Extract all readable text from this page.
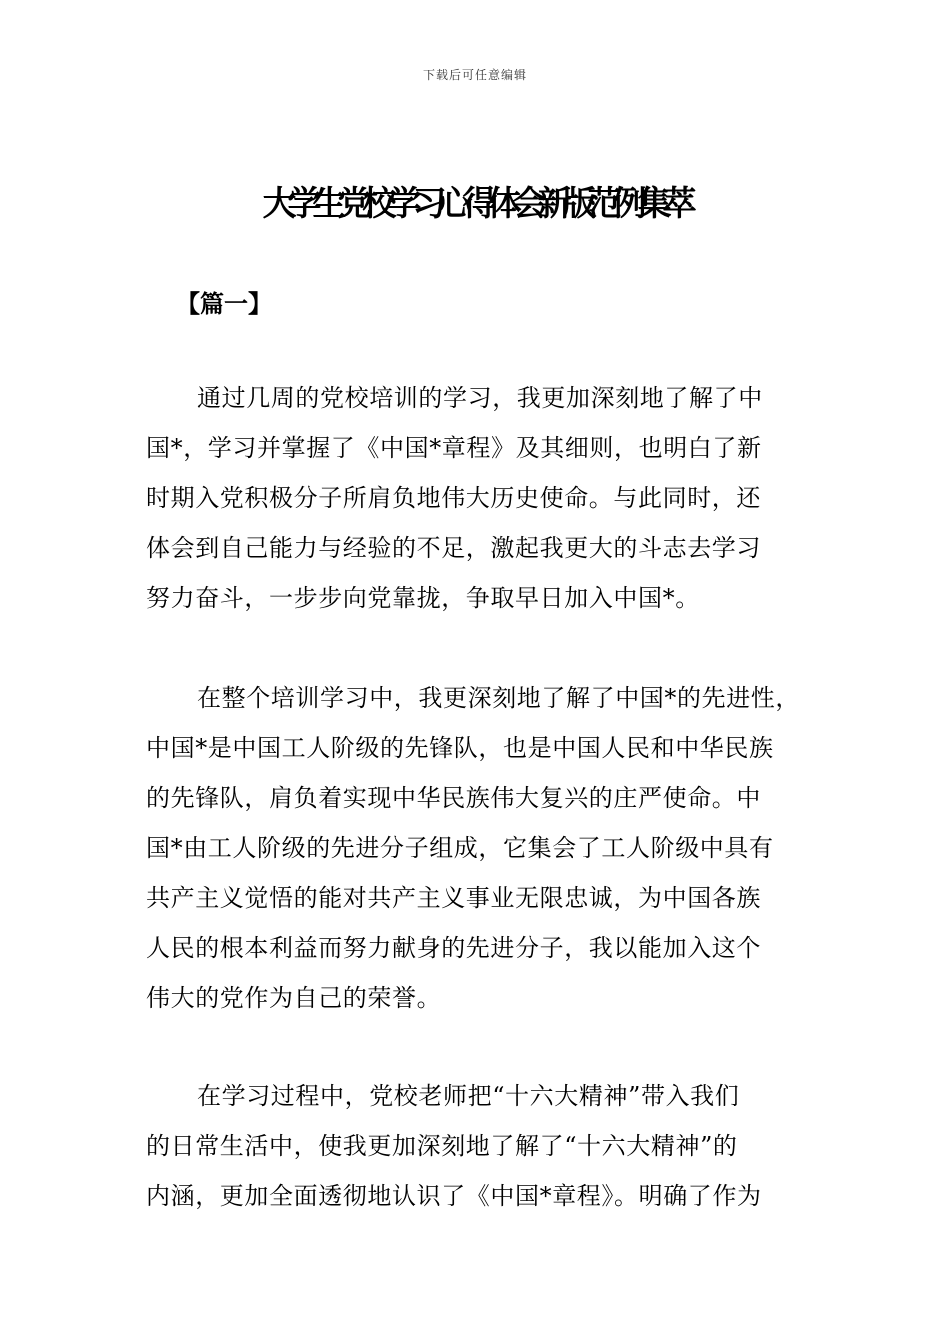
下载后可任意编辑
大学生党校学习心得体会新版范例集萃
【篇一】
通过几周的党校培训的学习，我更加深刻地了解了中
国*，学习并掌握了《中国*章程》及其细则，也明白了新
时期入党积极分子所肩负地伟大历史使命。与此同时，还
体会到自己能力与经验的不足，激起我更大的斗志去学习
努力奋斗，一步步向党靠拢，争取早日加入中国*。
在整个培训学习中，我更深刻地了解了中国*的先进性，
中国*是中国工人阶级的先锋队，也是中国人民和中华民族
的先锋队，肩负着实现中华民族伟大复兴的庄严使命。中
国*由工人阶级的先进分子组成，它集会了工人阶级中具有
共产主义觉悟的能对共产主义事业无限忠诚，为中国各族
人民的根本利益而努力献身的先进分子，我以能加入这个
伟大的党作为自己的荣誉。
在学习过程中，党校老师把“十六大精神”带入我们
的日常生活中，使我更加深刻地了解了“十六大精神”的
内涵，更加全面透彻地认识了《中国*章程》。明确了作为
